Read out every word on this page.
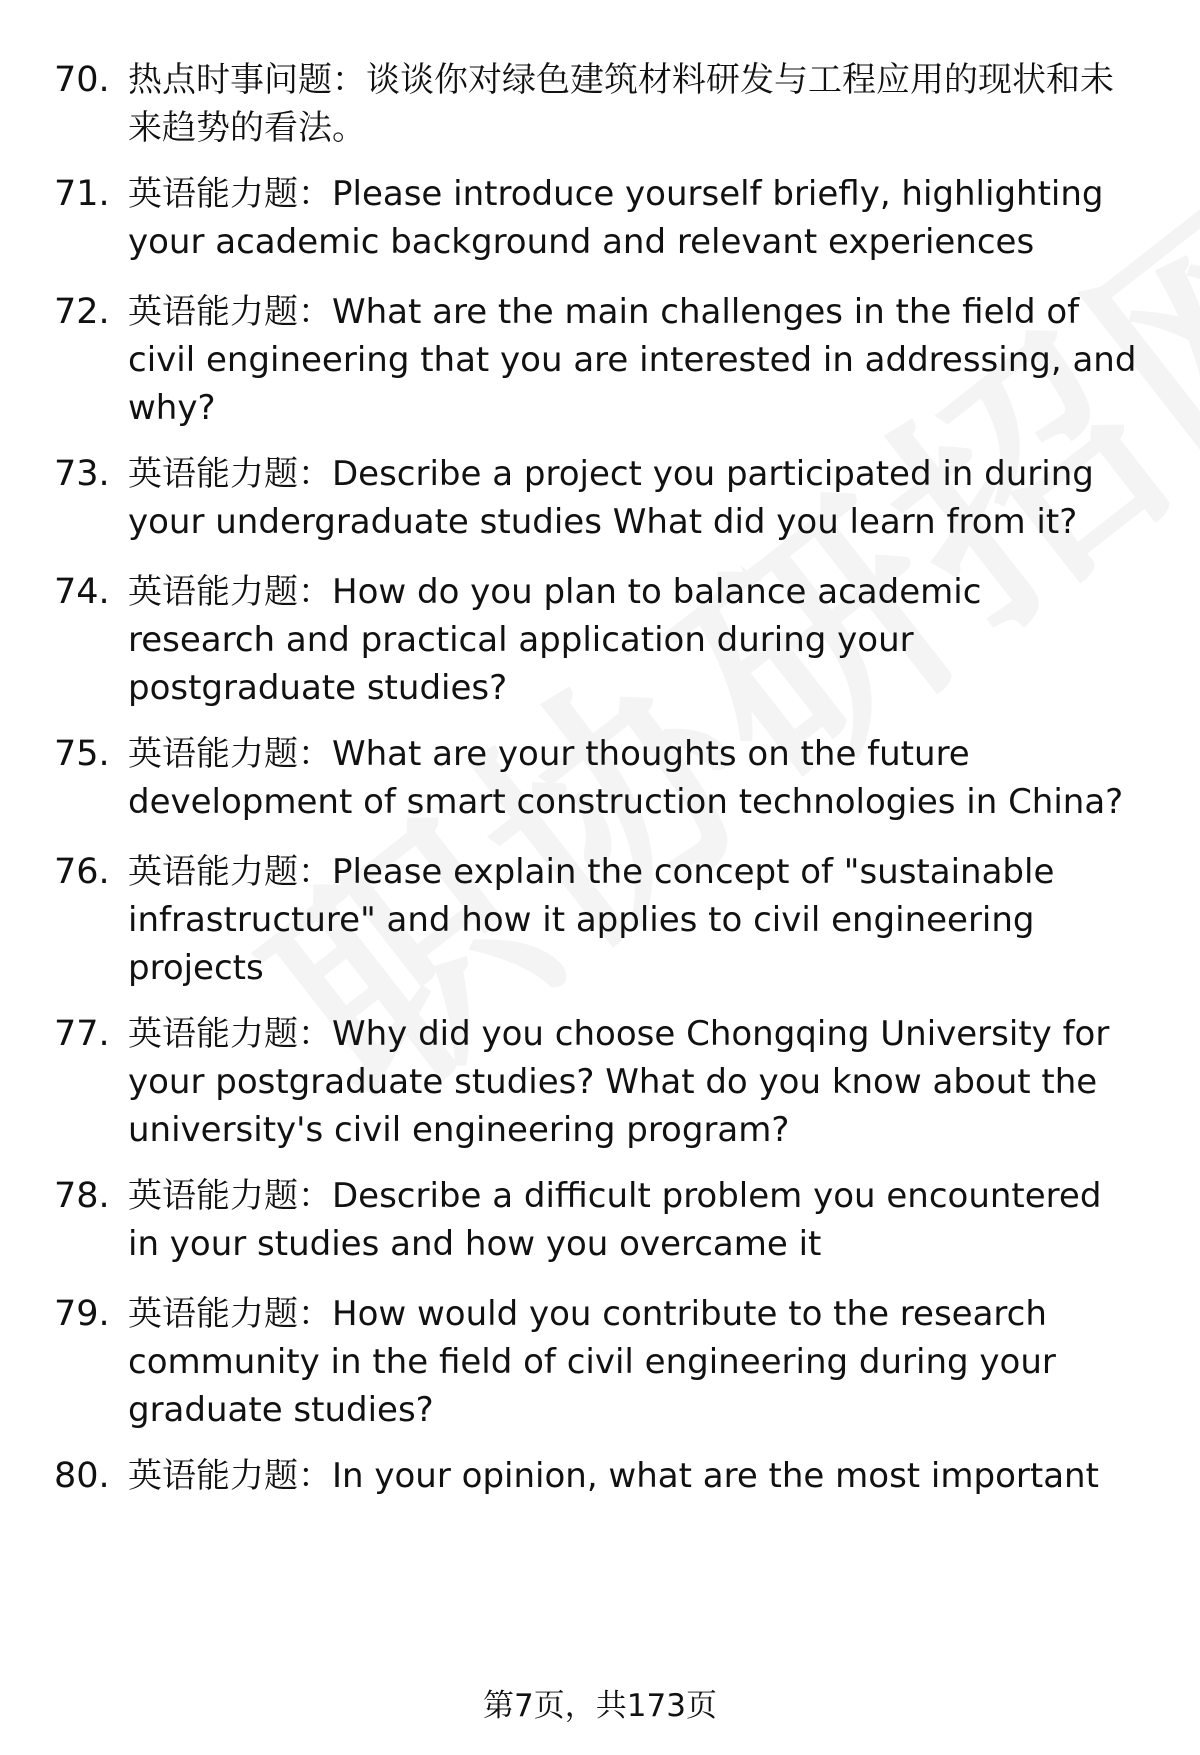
70. 热点时事问题：谈谈你对绿色建筑材料研发与工程应用的现状和未来趋势的看法。
71. 英语能力题：Please introduce yourself briefly, highlighting your academic background and relevant experiences
72. 英语能力题：What are the main challenges in the field of civil engineering that you are interested in addressing, and why?
73. 英语能力题：Describe a project you participated in during your undergraduate studies What did you learn from it?
74. 英语能力题：How do you plan to balance academic research and practical application during your postgraduate studies?
75. 英语能力题：What are your thoughts on the future development of smart construction technologies in China?
76. 英语能力题：Please explain the concept of "sustainable infrastructure" and how it applies to civil engineering projects
77. 英语能力题：Why did you choose Chongqing University for your postgraduate studies? What do you know about the university's civil engineering program?
78. 英语能力题：Describe a difficult problem you encountered in your studies and how you overcame it
79. 英语能力题：How would you contribute to the research community in the field of civil engineering during your graduate studies?
80. 英语能力题：In your opinion, what are the most important
第7页，共173页
